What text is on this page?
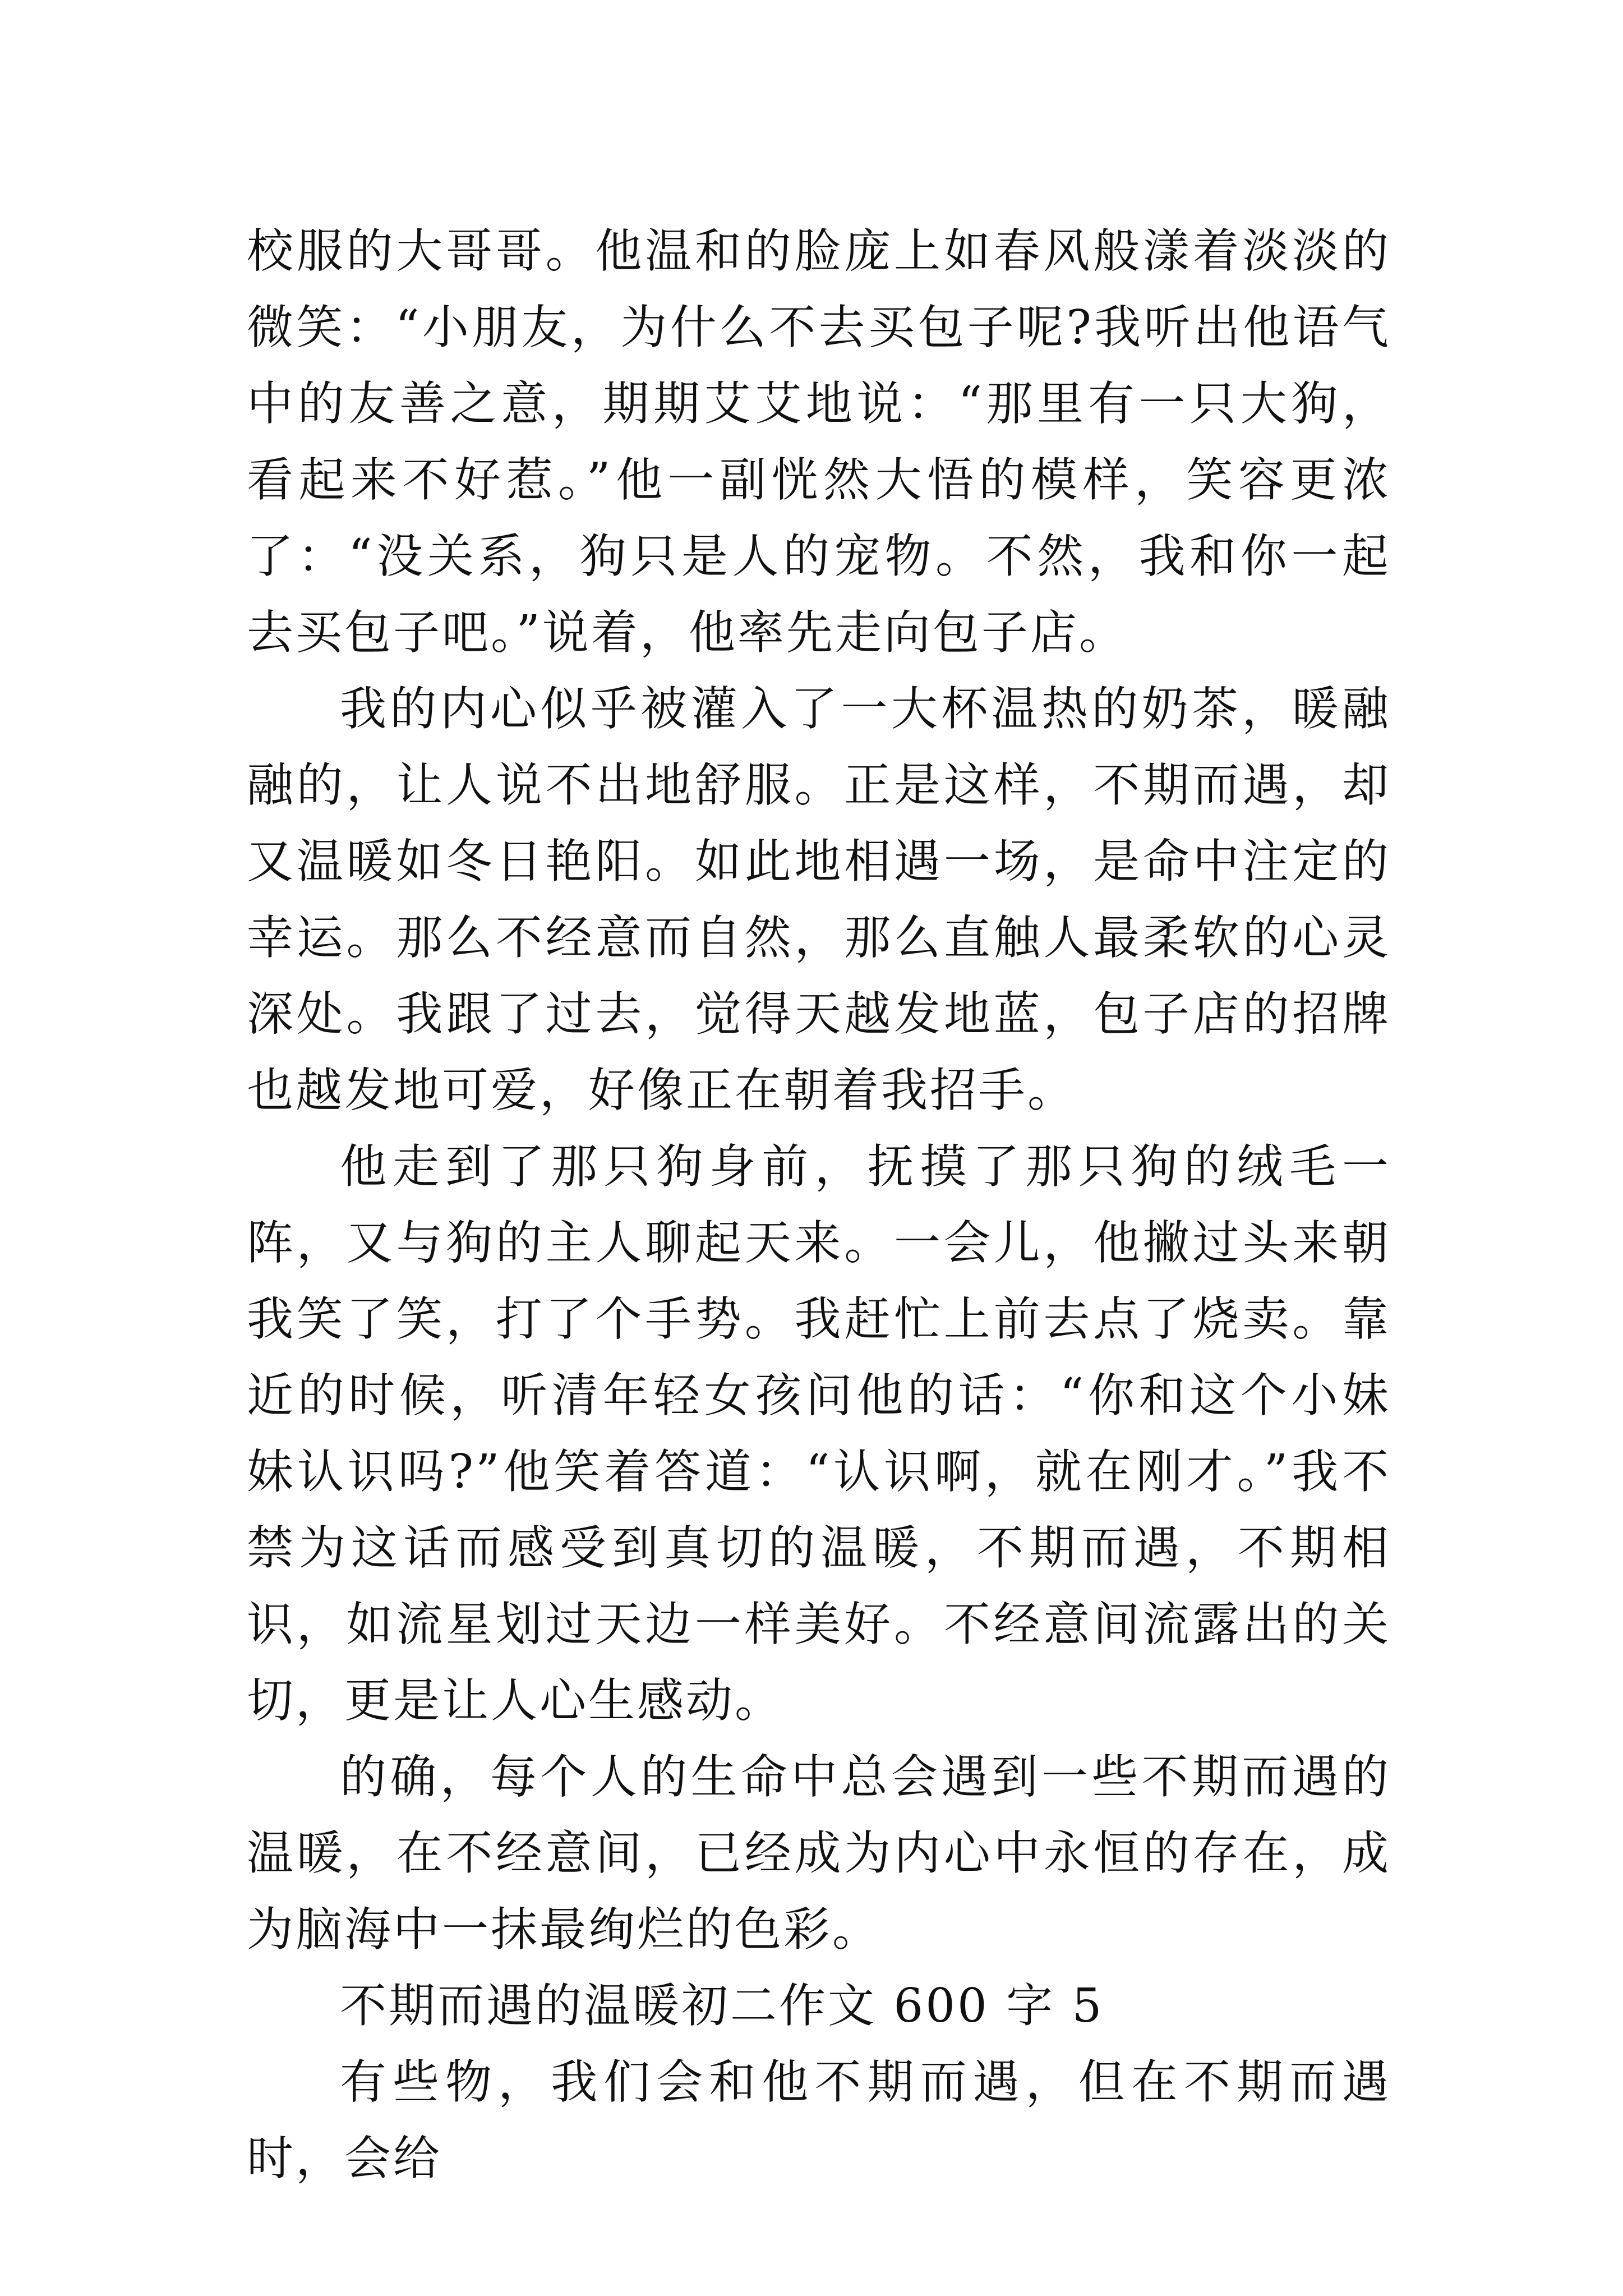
校服的大哥哥。他温和的脸庞上如春风般漾着淡淡的微笑：“小朋友，为什么不去买包子呢?我听出他语气中的友善之意，期期艾艾地说：“那里有一只大狗，看起来不好惹。”他一副恍然大悟的模样，笑容更浓了：“没关系，狗只是人的宠物。不然，我和你一起去买包子吧。”说着，他率先走向包子店。

我的内心似乎被灌入了一大杯温热的奶茶，暖融融的，让人说不出地舒服。正是这样，不期而遇，却又温暖如冬日艳阳。如此地相遇一场，是命中注定的幸运。那么不经意而自然，那么直触人最柔软的心灵深处。我跟了过去，觉得天越发地蓝，包子店的招牌也越发地可爱，好像正在朝着我招手。

他走到了那只狗身前，抚摸了那只狗的绒毛一阵，又与狗的主人聊起天来。一会儿，他撇过头来朝我笑了笑，打了个手势。我赶忙上前去点了烧卖。靠近的时候，听清年轻女孩问他的话：“你和这个小妹妹认识吗?”他笑着答道：“认识啊，就在刚才。”我不禁为这话而感受到真切的温暖，不期而遇，不期相识，如流星划过天边一样美好。不经意间流露出的关切，更是让人心生感动。

的确，每个人的生命中总会遇到一些不期而遇的温暖，在不经意间，已经成为内心中永恒的存在，成为脑海中一抹最绚烂的色彩。

不期而遇的温暖初二作文 600 字 5

有些物，我们会和他不期而遇，但在不期而遇时，会给
